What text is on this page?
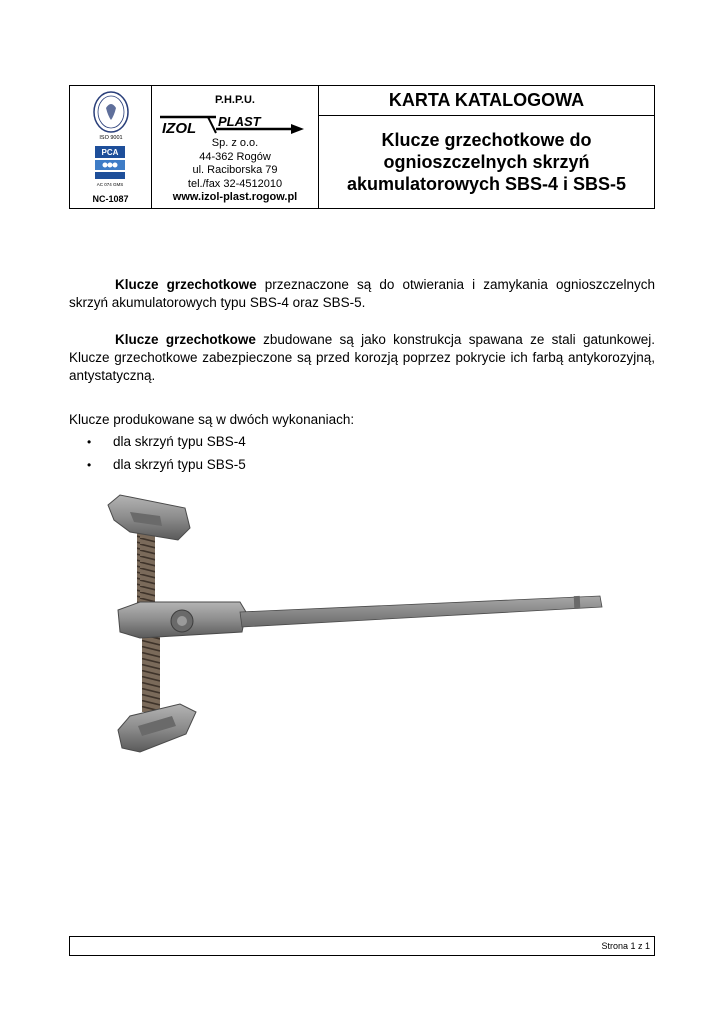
ISO 9001
PCA
AC 074 GMS
NC-1087
P.H.P.U.
IZOL PLAST
Sp. z o.o.
44-362 Rogów
ul. Raciborska 79
tel./fax 32-4512010
www.izol-plast.rogow.pl
KARTA KATALOGOWA
Klucze grzechotkowe do
ognioszczelnych skrzyń
akumulatorowych SBS-4 i SBS-5
Klucze grzechotkowe przeznaczone są do otwierania i zamykania ognioszczelnych skrzyń akumulatorowych typu SBS-4 oraz SBS-5.
Klucze grzechotkowe zbudowane są jako konstrukcja spawana ze stali gatunkowej. Klucze grzechotkowe zabezpieczone są przed korozją poprzez pokrycie ich farbą antykorozyjną, antystatyczną.
Klucze produkowane są w dwóch wykonaniach:
• dla skrzyń typu SBS-4
• dla skrzyń typu SBS-5
Strona 1 z 1
